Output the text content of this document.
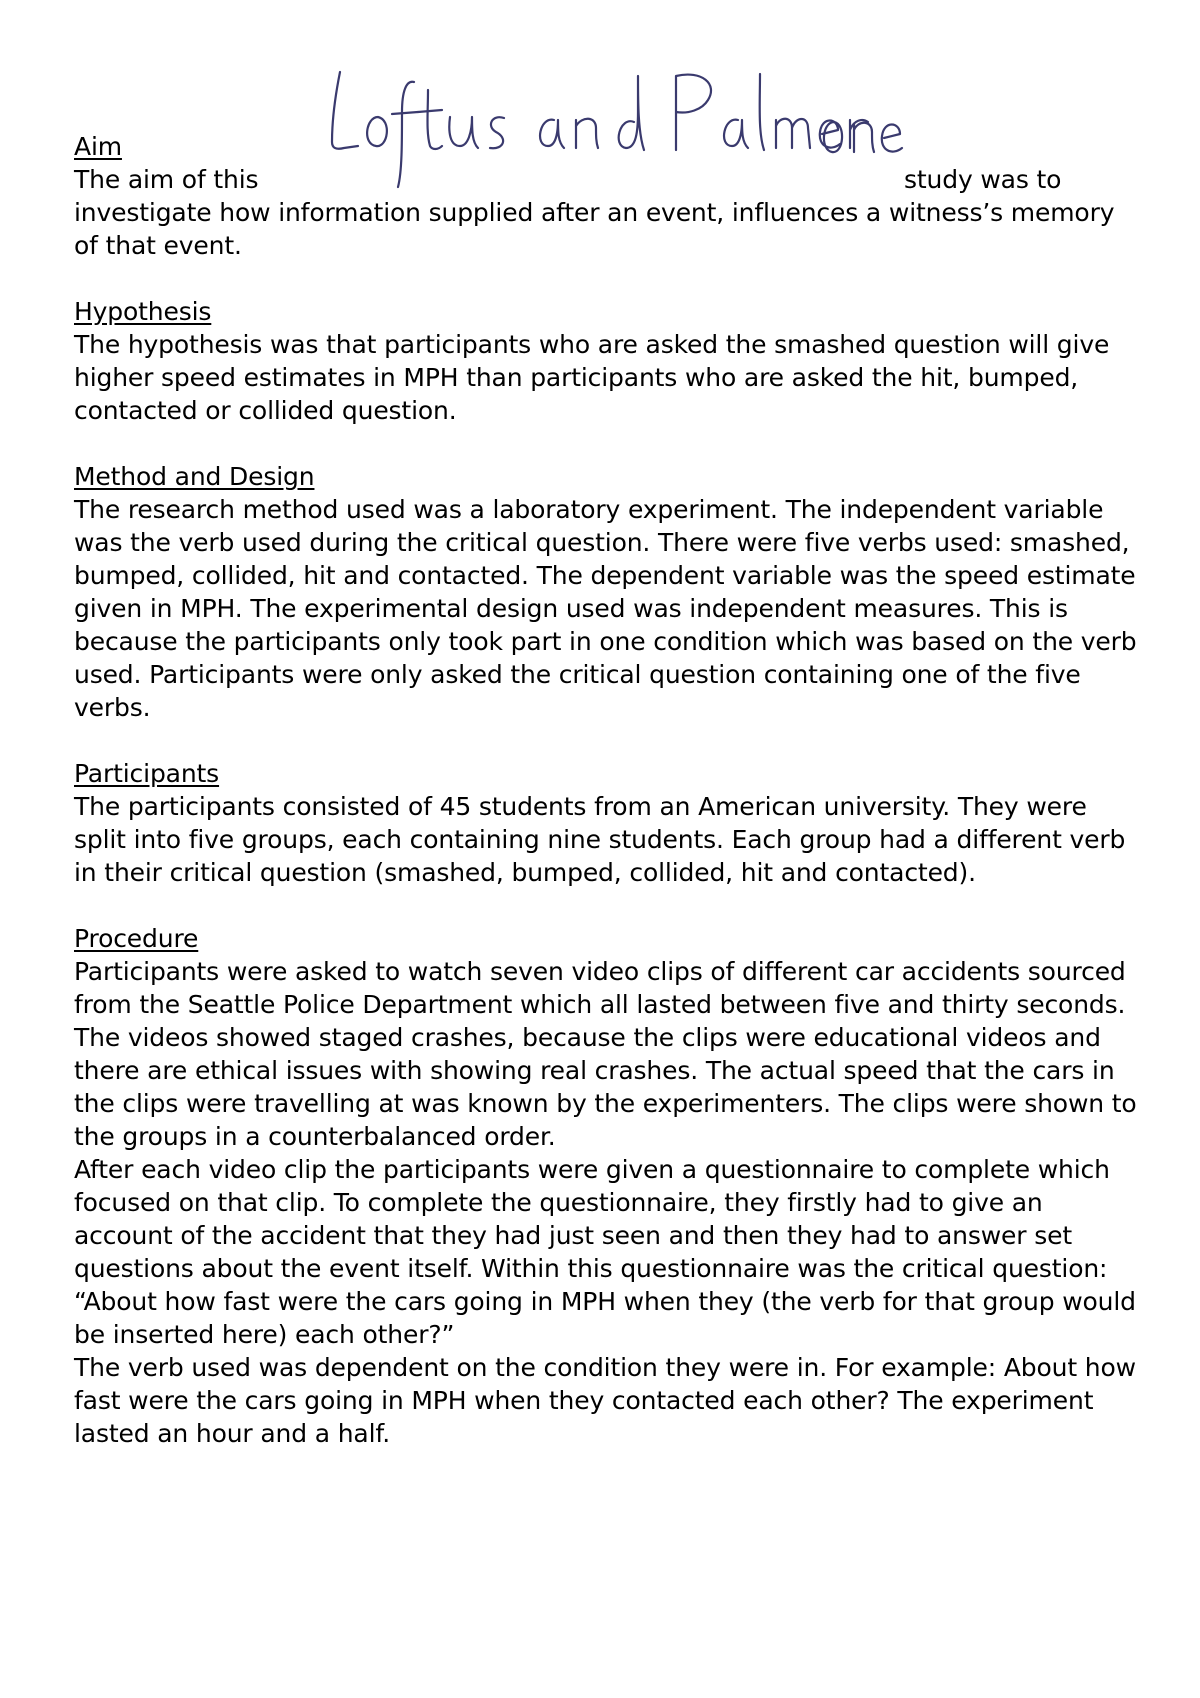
Aim
The aim of this	study was to
investigate how information supplied after an event, influences a witness’s memory of that event.
Hypothesis
The hypothesis was that participants who are asked the smashed question will give higher speed estimates in MPH than participants who are asked the hit, bumped, contacted or collided question.
Method and Design
The research method used was a laboratory experiment. The independent variable was the verb used during the critical question. There were five verbs used: smashed, bumped, collided, hit and contacted. The dependent variable was the speed estimate given in MPH. The experimental design used was independent measures. This is because the participants only took part in one condition which was based on the verb used. Participants were only asked the critical question containing one of the five verbs.
Participants
The participants consisted of 45 students from an American university. They were split into five groups, each containing nine students. Each group had a different verb in their critical question (smashed, bumped, collided, hit and contacted).
Procedure
Participants were asked to watch seven video clips of different car accidents sourced from the Seattle Police Department which all lasted between five and thirty seconds. The videos showed staged crashes, because the clips were educational videos and there are ethical issues with showing real crashes. The actual speed that the cars in the clips were travelling at was known by the experimenters. The clips were shown to the groups in a counterbalanced order.
After each video clip the participants were given a questionnaire to complete which focused on that clip. To complete the questionnaire, they firstly had to give an account of the accident that they had just seen and then they had to answer set questions about the event itself. Within this questionnaire was the critical question: “About how fast were the cars going in MPH when they (the verb for that group would be inserted here) each other?”
The verb used was dependent on the condition they were in. For example: About how fast were the cars going in MPH when they contacted each other? The experiment lasted an hour and a half.
